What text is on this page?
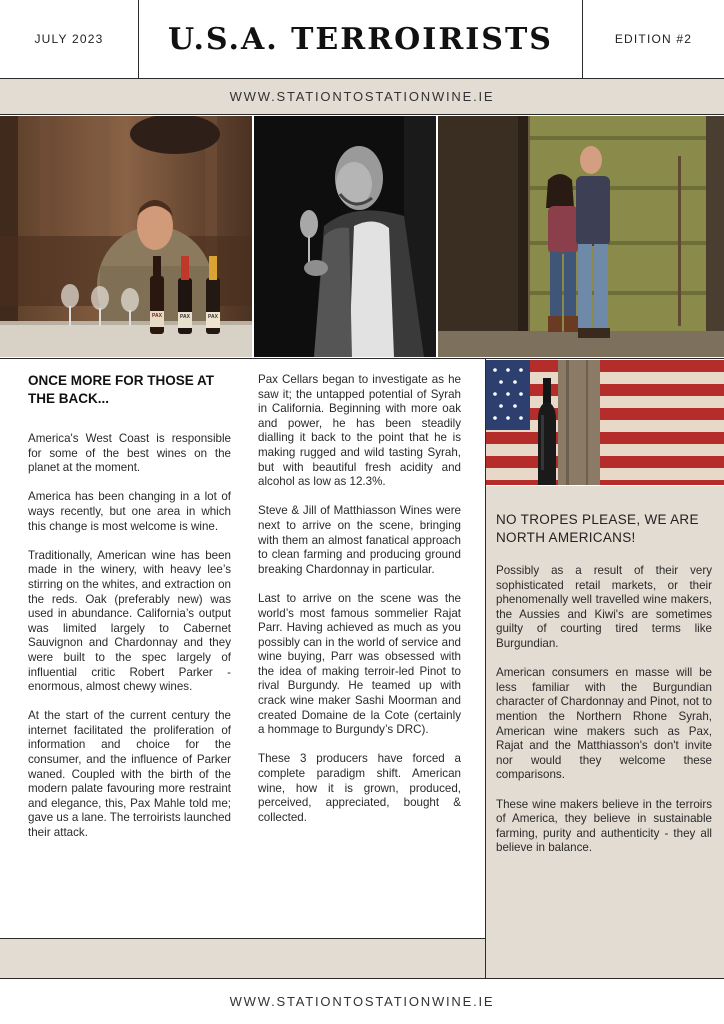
JULY 2023	U.S.A. TERROIRISTS	EDITION #2
WWW.STATIONTOSTATIONWINE.IE
PAX	PAX	PAX
ONCE MORE FOR THOSE AT THE BACK...

America's West Coast is responsible for some of the best wines on the planet at the moment.

America has been changing in a lot of ways recently, but one area in which this change is most welcome is wine.

Traditionally, American wine has been made in the winery, with heavy lee’s stirring on the whites, and extraction on the reds. Oak (preferably new) was used in abundance. California’s output was limited largely to Cabernet Sauvignon and Chardonnay and they were built to the spec largely of influential critic Robert Parker - enormous, almost chewy wines.

At the start of the current century the internet facilitated the proliferation of information and choice for the consumer, and the influence of Parker waned. Coupled with the birth of the modern palate favouring more restraint and elegance, this, Pax Mahle told me; gave us a lane. The terroirists launched their attack.

Pax Cellars began to investigate as he saw it; the untapped potential of Syrah in California. Beginning with more oak and power, he has been steadily dialling it back to the point that he is making rugged and wild tasting Syrah, but with beautiful fresh acidity and alcohol as low as 12.3%.

Steve & Jill of Matthiasson Wines were next to arrive on the scene, bringing with them an almost fanatical approach to clean farming and producing ground breaking Chardonnay in particular.

Last to arrive on the scene was the world’s most famous sommelier Rajat Parr. Having achieved as much as you possibly can in the world of service and wine buying, Parr was obsessed with the idea of making terroir-led Pinot to rival Burgundy. He teamed up with crack wine maker Sashi Moorman and created Domaine de la Cote (certainly a hommage to Burgundy’s DRC).

These 3 producers have forced a complete paradigm shift. American wine, how it is grown, produced, perceived, appreciated, bought & collected.

NO TROPES PLEASE, WE ARE NORTH AMERICANS!

Possibly as a result of their very sophisticated retail markets, or their phenomenally well travelled wine makers, the Aussies and Kiwi's are sometimes guilty of courting tired terms like Burgundian.

American consumers en masse will be less familiar with the Burgundian character of Chardonnay and Pinot, not to mention the Northern Rhone Syrah, American wine makers such as Pax, Rajat and the Matthiasson's don't invite nor would they welcome these comparisons.

These wine makers believe in the terroirs of America, they believe in sustainable farming, purity and authenticity - they all believe in balance.

WWW.STATIONTOSTATIONWINE.IE
